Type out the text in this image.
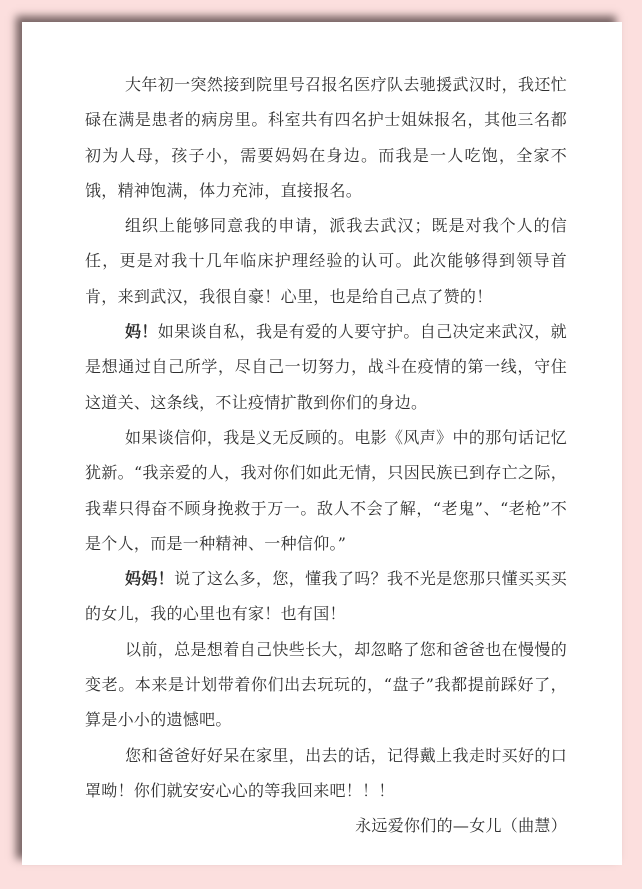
大年初一突然接到院里号召报名医疗队去驰援武汉时，我还忙碌在满是患者的病房里。科室共有四名护士姐妹报名，其他三名都初为人母，孩子小，需要妈妈在身边。而我是一人吃饱，全家不饿，精神饱满，体力充沛，直接报名。

组织上能够同意我的申请，派我去武汉；既是对我个人的信任，更是对我十几年临床护理经验的认可。此次能够得到领导首肯，来到武汉，我很自豪！心里，也是给自己点了赞的！

妈！如果谈自私，我是有爱的人要守护。自己决定来武汉，就是想通过自己所学，尽自己一切努力，战斗在疫情的第一线，守住这道关、这条线，不让疫情扩散到你们的身边。

如果谈信仰，我是义无反顾的。电影《风声》中的那句话记忆犹新。“我亲爱的人，我对你们如此无情，只因民族已到存亡之际，我辈只得奋不顾身挽救于万一。敌人不会了解，“老鬼”、“老枪”不是个人，而是一种精神、一种信仰。”

妈妈！说了这么多，您，懂我了吗？我不光是您那只懂买买买的女儿，我的心里也有家！也有国！

以前，总是想着自己快些长大，却忽略了您和爸爸也在慢慢的变老。本来是计划带着你们出去玩玩的，“盘子”我都提前踩好了，算是小小的遗憾吧。

您和爸爸好好呆在家里，出去的话，记得戴上我走时买好的口罩呦！你们就安安心心的等我回来吧！！！

永远爱你们的—女儿（曲慧）
